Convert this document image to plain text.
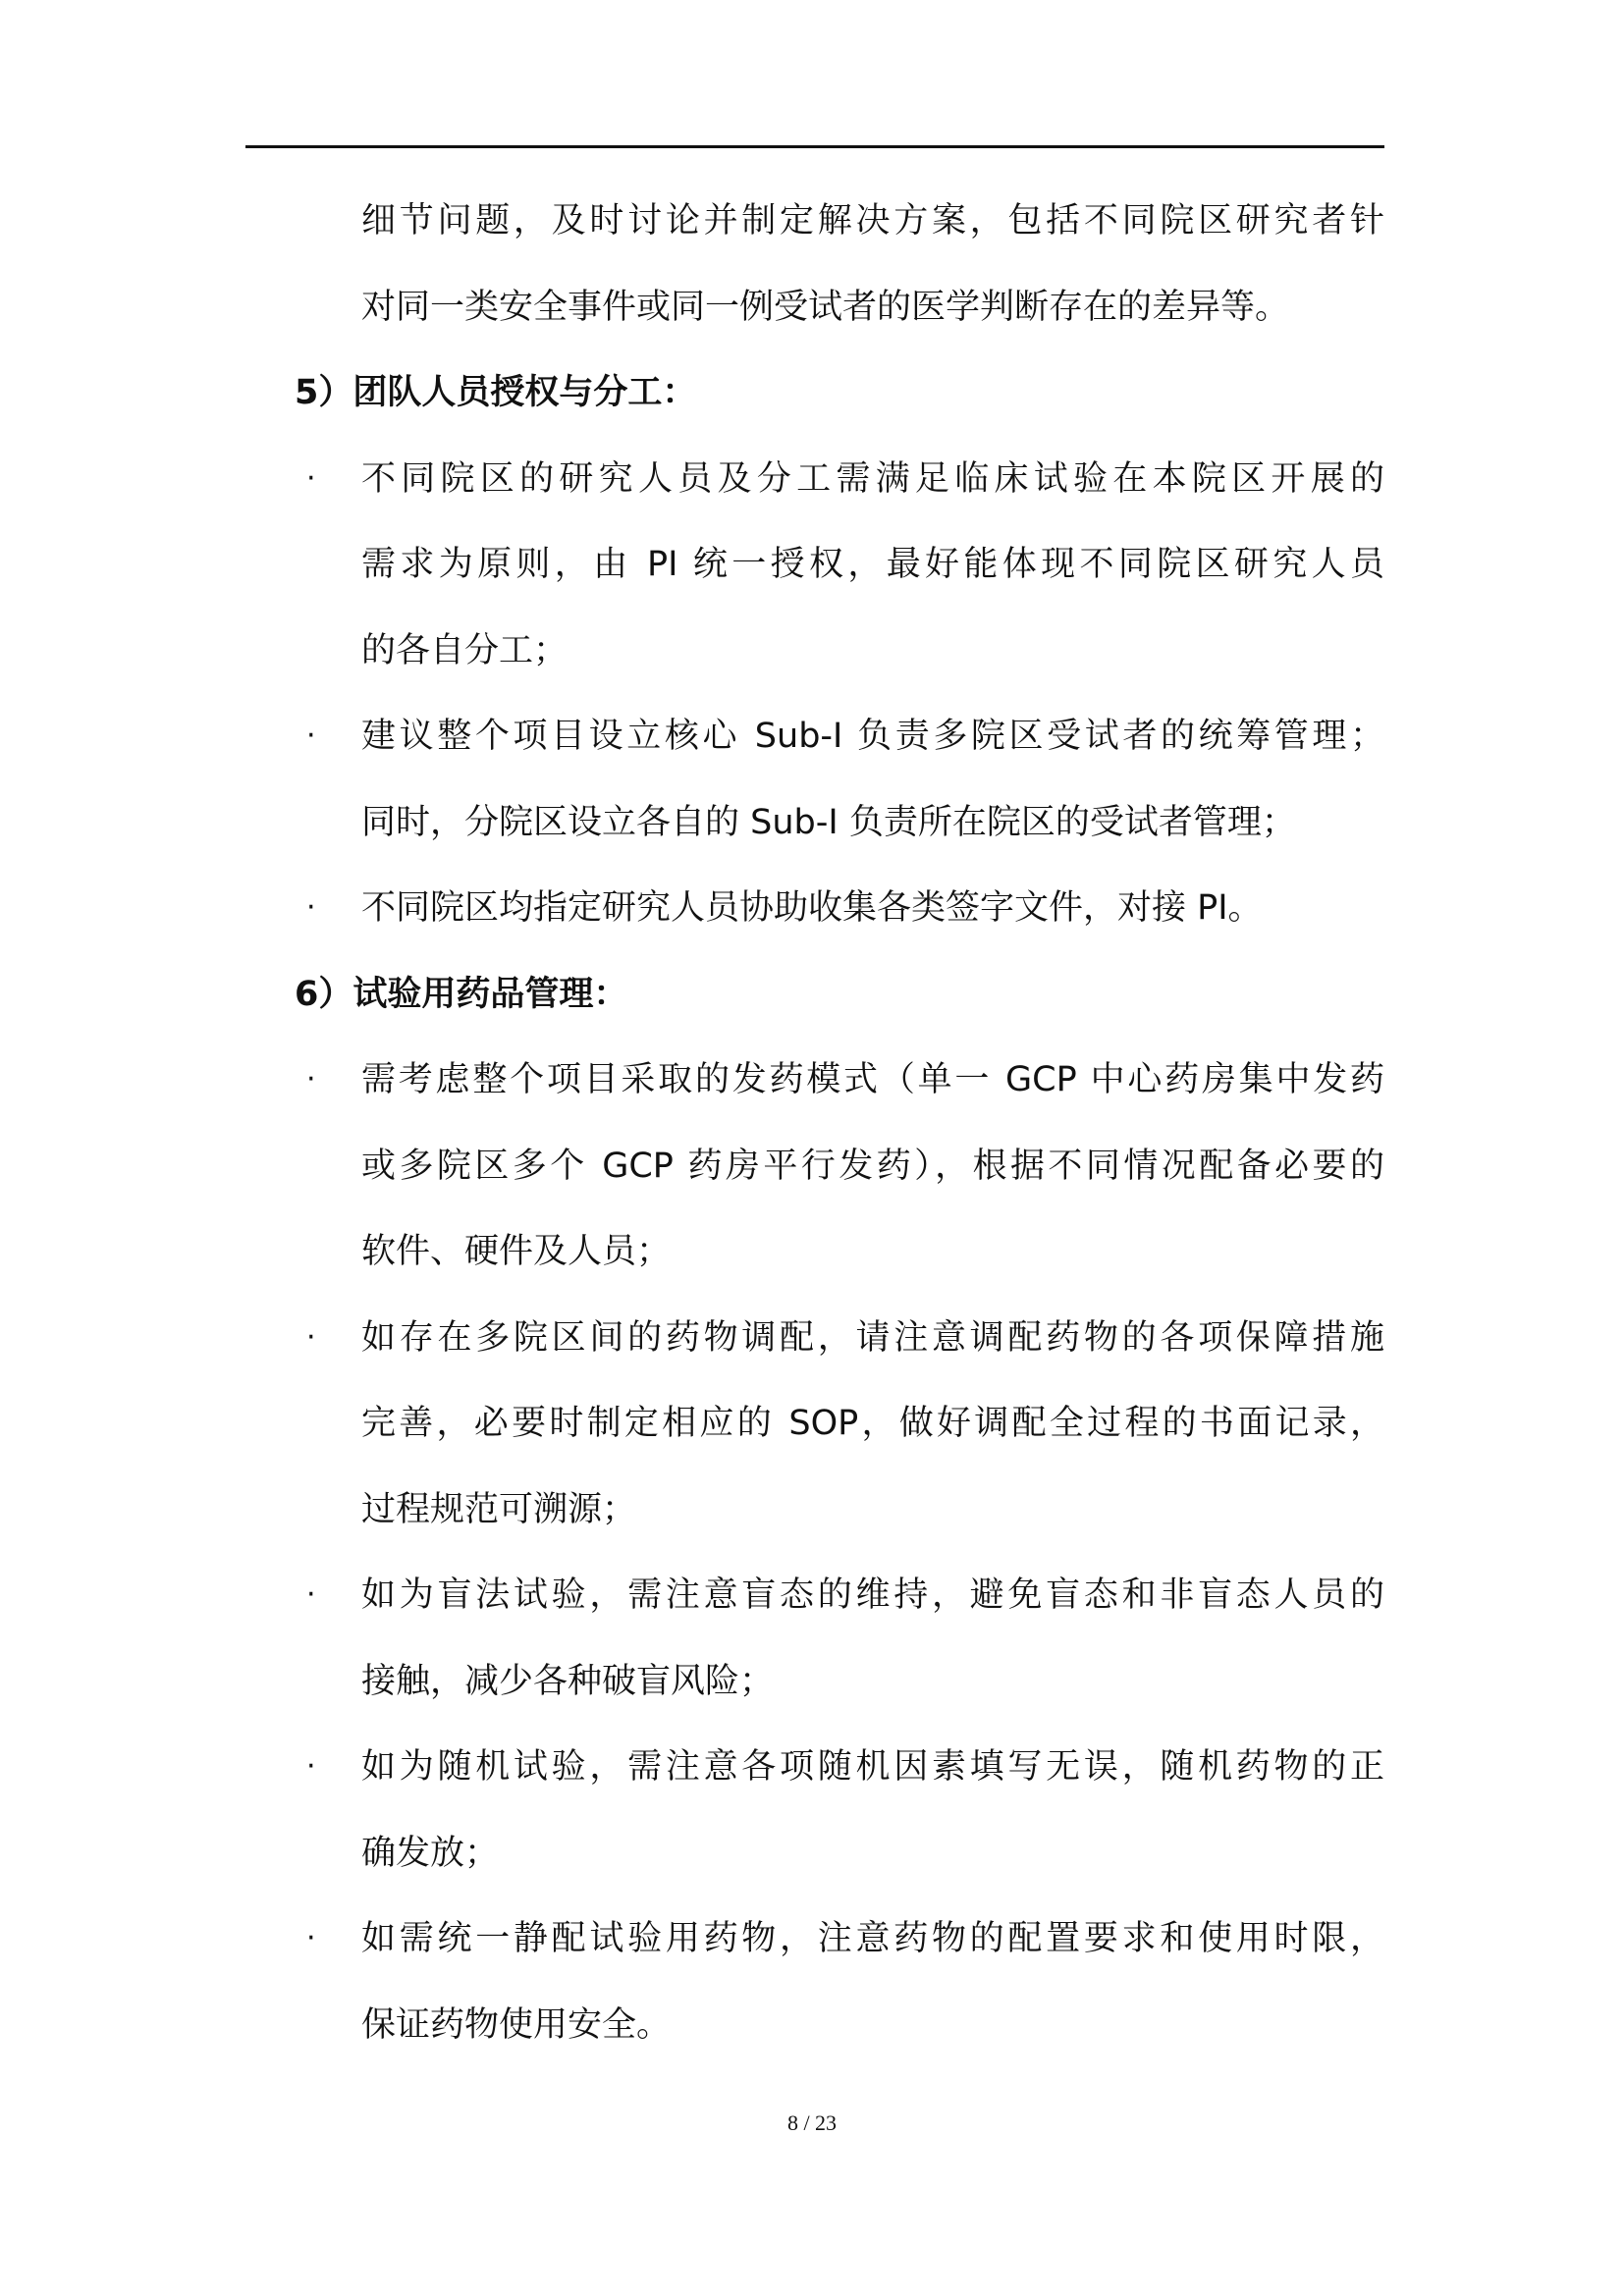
细节问题，及时讨论并制定解决方案，包括不同院区研究者针
对同一类安全事件或同一例受试者的医学判断存在的差异等。
5）团队人员授权与分工：
· 不同院区的研究人员及分工需满足临床试验在本院区开展的
需求为原则，由 PI 统一授权，最好能体现不同院区研究人员
的各自分工；
· 建议整个项目设立核心 Sub-I 负责多院区受试者的统筹管理；
同时，分院区设立各自的 Sub-I 负责所在院区的受试者管理；
· 不同院区均指定研究人员协助收集各类签字文件，对接 PI。
6）试验用药品管理：
· 需考虑整个项目采取的发药模式（单一 GCP 中心药房集中发药
或多院区多个 GCP 药房平行发药），根据不同情况配备必要的
软件、硬件及人员；
· 如存在多院区间的药物调配，请注意调配药物的各项保障措施
完善，必要时制定相应的 SOP，做好调配全过程的书面记录，
过程规范可溯源；
· 如为盲法试验，需注意盲态的维持，避免盲态和非盲态人员的
接触，减少各种破盲风险；
· 如为随机试验，需注意各项随机因素填写无误，随机药物的正
确发放；
· 如需统一静配试验用药物，注意药物的配置要求和使用时限，
保证药物使用安全。
8 / 23
